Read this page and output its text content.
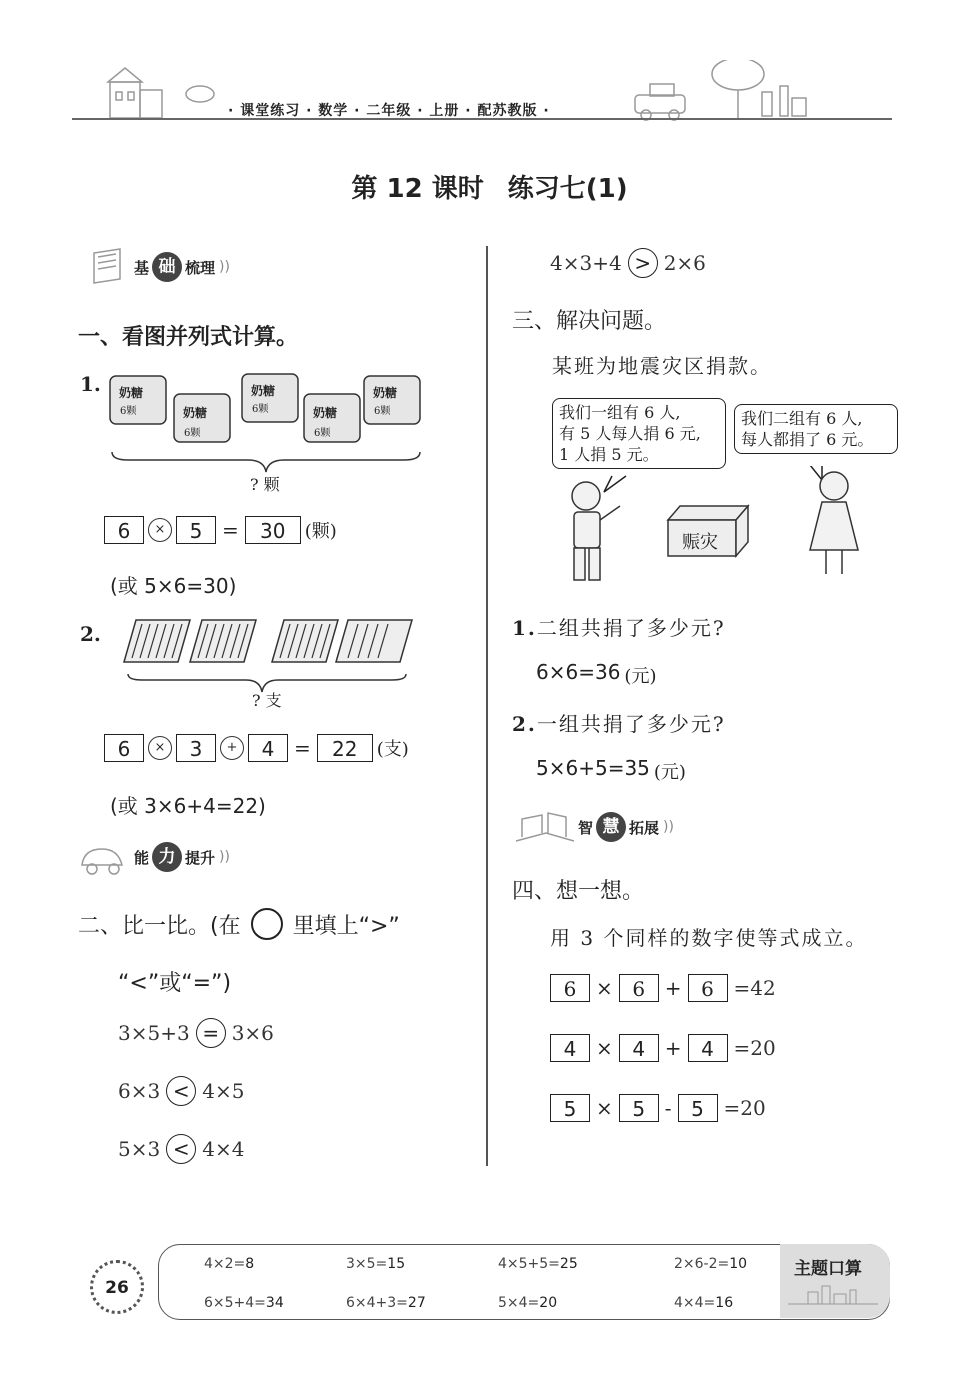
· 课堂练习 · 数学 · 二年级 · 上册 · 配苏教版 ·
第 12 课时 练习七(1)
基 础 梳理 ))
一、看图并列式计算。
1. 奶糖
奶糖
奶糖
奶糖
奶糖
6颗
6颗
6颗
6颗
6颗
? 颗
6 × 5 = 30 (颗)
(或 5×6=30)
2.
? 支
6 × 3 + 4 = 22 (支)
(或 3×6+4=22)
能 力 提升 ))
二、比一比。(在 里填上“>”
“<”或“=”)
3×5+3 = 3×6
6×3 < 4×5
5×3 < 4×4
4×3+4 > 2×6
三、解决问题。
某班为地震灾区捐款。
我们一组有 6 人,
有 5 人每人捐 6 元,
1 人捐 5 元。
我们二组有 6 人,
每人都捐了 6 元。
赈灾
1.二组共捐了多少元?
6×6=36 (元)
2.一组共捐了多少元?
5×6+5=35 (元)
智 慧 拓展 ))
四、想一想。
用 3 个同样的数字使等式成立。
6 × 6 + 6 =42
4 × 4 + 4 =20
5 × 5 - 5 =20
主题口算
26
4×2=8	3×5=15	4×5+5=25	2×6-2=10
6×5+4=34	6×4+3=27	5×4=20	4×4=16
